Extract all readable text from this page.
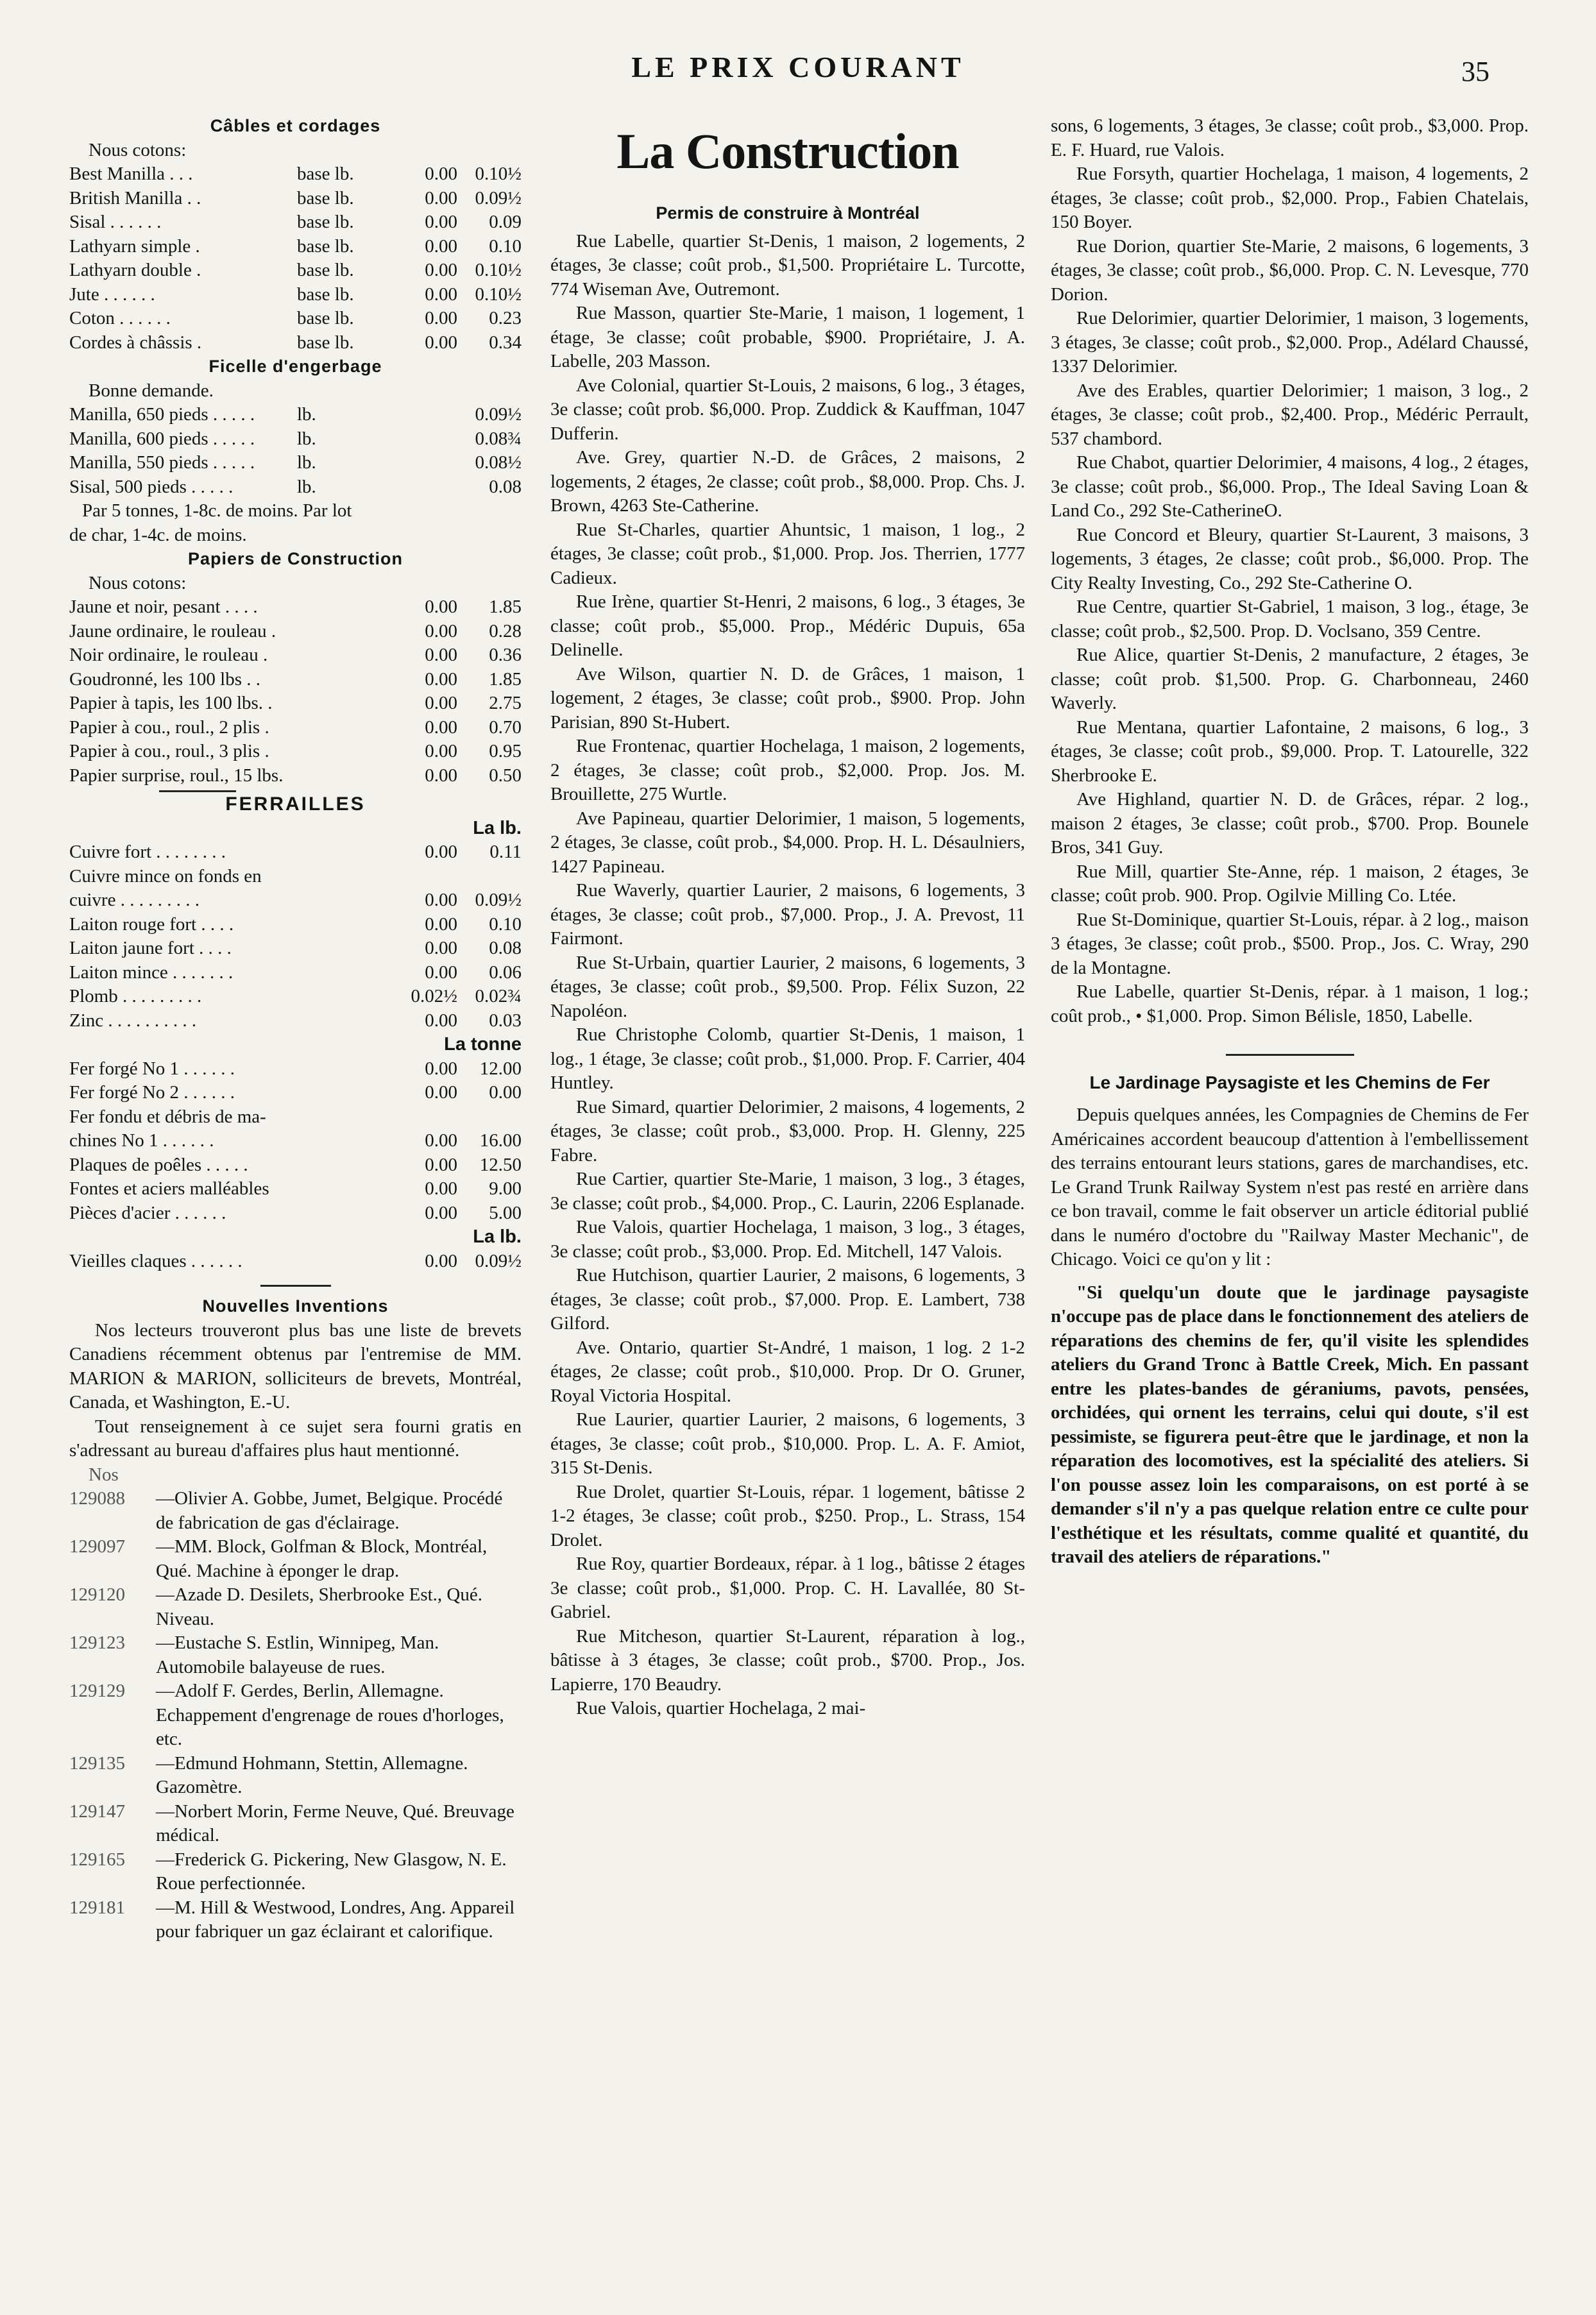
LE PRIX COURANT	35
Câbles et cordages
Nous cotons:
Best Manilla . . .	base lb.	0.00 0.10½
British Manilla . .	base lb.	0.00 0.09½
Sisal . . . . . .	base lb.	0.00	0.09
Lathyarn simple .	base lb.	0.00	0.10
Lathyarn double .	base lb.	0.00 0.10½
Jute . . . . . .	base lb.	0.00 0.10½
Coton . . . . . .	base lb.	0.00	0.23
Cordes à châssis .	base lb.	0.00	0.34
Ficelle d'engerbage
Bonne demande.
Manilla, 650 pieds . . . . .	lb.	0.09½
Manilla, 600 pieds . . . . .	lb.	0.08¾
Manilla, 550 pieds . . . . .	lb.	0.08½
Sisal, 500 pieds . . . . .	lb.	0.08
Par 5 tonnes, 1-8c. de moins. Par lot
de char, 1-4c. de moins.
Papiers de Construction
Nous cotons:
Jaune et noir, pesant . . . .	0.00	1.85
Jaune ordinaire, le rouleau .	0.00	0.28
Noir ordinaire, le rouleau .	0.00	0.36
Goudronné, les 100 lbs . .	0.00	1.85
Papier à tapis, les 100 lbs. .	0.00	2.75
Papier à cou., roul., 2 plis .	0.00	0.70
Papier à cou., roul., 3 plis .	0.00	0.95
Papier surprise, roul., 15 lbs.	0.00	0.50
FERRAILLES
La lb.
Cuivre fort . . . . . . . .	0.00	0.11
Cuivre mince on fonds en
cuivre . . . . . . . . .	0.00 0.09½
Laiton rouge fort . . . .	0.00	0.10
Laiton jaune fort . . . .	0.00	0.08
Laiton mince . . . . . . .	0.00	0.06
Plomb . . . . . . . . .	0.02½ 0.02¾
Zinc . . . . . . . . . .	0.00	0.03
La tonne
Fer forgé No 1 . . . . . .	0.00	12.00
Fer forgé No 2 . . . . . .	0.00	0.00
Fer fondu et débris de ma-
chines No 1 . . . . . .	0.00	16.00
Plaques de poêles . . . . .	0.00	12.50
Fontes et aciers malléables	0.00	9.00
Pièces d'acier . . . . . .	0.00	5.00
La lb.
Vieilles claques . . . . . .	0.00 0.09½
Nouvelles Inventions
Nos lecteurs trouveront plus bas une liste de brevets Canadiens récemment obtenus par l'entremise de MM. MARION & MARION, solliciteurs de brevets, Montréal, Canada, et Washington, E.-U.
Tout renseignement à ce sujet sera fourni gratis en s'adressant au bureau d'affaires plus haut mentionné.
Nos
129088	—Olivier A. Gobbe, Jumet, Belgique. Procédé de fabrication de gas d'éclairage.
129097	—MM. Block, Golfman & Block, Montréal, Qué. Machine à éponger le drap.
129120	—Azade D. Desilets, Sherbrooke Est., Qué. Niveau.
129123	—Eustache S. Estlin, Winnipeg, Man. Automobile balayeuse de rues.
129129	—Adolf F. Gerdes, Berlin, Allemagne. Echappement d'engrenage de roues d'horloges, etc.
129135	—Edmund Hohmann, Stettin, Allemagne. Gazomètre.
129147	—Norbert Morin, Ferme Neuve, Qué. Breuvage médical.
129165	—Frederick G. Pickering, New Glasgow, N. E. Roue perfectionnée.
129181	—M. Hill & Westwood, Londres, Ang. Appareil pour fabriquer un gaz éclairant et calorifique.
La Construction
Permis de construire à Montréal
Rue Labelle, quartier St-Denis, 1 maison, 2 logements, 2 étages, 3e classe; coût prob., $1,500. Propriétaire L. Turcotte, 774 Wiseman Ave, Outremont.
Rue Masson, quartier Ste-Marie, 1 maison, 1 logement, 1 étage, 3e classe; coût probable, $900. Propriétaire, J. A. Labelle, 203 Masson.
Ave Colonial, quartier St-Louis, 2 maisons, 6 log., 3 étages, 3e classe; coût prob. $6,000. Prop. Zuddick & Kauffman, 1047 Dufferin.
Ave. Grey, quartier N.-D. de Grâces, 2 maisons, 2 logements, 2 étages, 2e classe; coût prob., $8,000. Prop. Chs. J. Brown, 4263 Ste-Catherine.
Rue St-Charles, quartier Ahuntsic, 1 maison, 1 log., 2 étages, 3e classe; coût prob., $1,000. Prop. Jos. Therrien, 1777 Cadieux.
Rue Irène, quartier St-Henri, 2 maisons, 6 log., 3 étages, 3e classe; coût prob., $5,000. Prop., Médéric Dupuis, 65a Delinelle.
Ave Wilson, quartier N. D. de Grâces, 1 maison, 1 logement, 2 étages, 3e classe; coût prob., $900. Prop. John Parisian, 890 St-Hubert.
Rue Frontenac, quartier Hochelaga, 1 maison, 2 logements, 2 étages, 3e classe; coût prob., $2,000. Prop. Jos. M. Brouillette, 275 Wurtle.
Ave Papineau, quartier Delorimier, 1 maison, 5 logements, 2 étages, 3e classe, coût prob., $4,000. Prop. H. L. Désaulniers, 1427 Papineau.
Rue Waverly, quartier Laurier, 2 maisons, 6 logements, 3 étages, 3e classe; coût prob., $7,000. Prop., J. A. Prevost, 11 Fairmont.
Rue St-Urbain, quartier Laurier, 2 maisons, 6 logements, 3 étages, 3e classe; coût prob., $9,500. Prop. Félix Suzon, 22 Napoléon.
Rue Christophe Colomb, quartier St-Denis, 1 maison, 1 log., 1 étage, 3e classe; coût prob., $1,000. Prop. F. Carrier, 404 Huntley.
Rue Simard, quartier Delorimier, 2 maisons, 4 logements, 2 étages, 3e classe; coût prob., $3,000. Prop. H. Glenny, 225 Fabre.
Rue Cartier, quartier Ste-Marie, 1 maison, 3 log., 3 étages, 3e classe; coût prob., $4,000. Prop., C. Laurin, 2206 Esplanade.
Rue Valois, quartier Hochelaga, 1 maison, 3 log., 3 étages, 3e classe; coût prob., $3,000. Prop. Ed. Mitchell, 147 Valois.
Rue Hutchison, quartier Laurier, 2 maisons, 6 logements, 3 étages, 3e classe; coût prob., $7,000. Prop. E. Lambert, 738 Gilford.
Ave. Ontario, quartier St-André, 1 maison, 1 log. 2 1-2 étages, 2e classe; coût prob., $10,000. Prop. Dr O. Gruner, Royal Victoria Hospital.
Rue Laurier, quartier Laurier, 2 maisons, 6 logements, 3 étages, 3e classe; coût prob., $10,000. Prop. L. A. F. Amiot, 315 St-Denis.
Rue Drolet, quartier St-Louis, répar. 1 logement, bâtisse 2 1-2 étages, 3e classe; coût prob., $250. Prop., L. Strass, 154 Drolet.
Rue Roy, quartier Bordeaux, répar. à 1 log., bâtisse 2 étages 3e classe; coût prob., $1,000. Prop. C. H. Lavallée, 80 St-Gabriel.
Rue Mitcheson, quartier St-Laurent, réparation à log., bâtisse à 3 étages, 3e classe; coût prob., $700. Prop., Jos. Lapierre, 170 Beaudry.
Rue Valois, quartier Hochelaga, 2 mai-
sons, 6 logements, 3 étages, 3e classe; coût prob., $3,000. Prop. E. F. Huard, rue Valois.
Rue Forsyth, quartier Hochelaga, 1 maison, 4 logements, 2 étages, 3e classe; coût prob., $2,000. Prop., Fabien Chatelais, 150 Boyer.
Rue Dorion, quartier Ste-Marie, 2 maisons, 6 logements, 3 étages, 3e classe; coût prob., $6,000. Prop. C. N. Levesque, 770 Dorion.
Rue Delorimier, quartier Delorimier, 1 maison, 3 logements, 3 étages, 3e classe; coût prob., $2,000. Prop., Adélard Chaussé, 1337 Delorimier.
Ave des Erables, quartier Delorimier; 1 maison, 3 log., 2 étages, 3e classe; coût prob., $2,400. Prop., Médéric Perrault, 537 chambord.
Rue Chabot, quartier Delorimier, 4 maisons, 4 log., 2 étages, 3e classe; coût prob., $6,000. Prop., The Ideal Saving Loan & Land Co., 292 Ste-CatherineO.
Rue Concord et Bleury, quartier St-Laurent, 3 maisons, 3 logements, 3 étages, 2e classe; coût prob., $6,000. Prop. The City Realty Investing, Co., 292 Ste-Catherine O.
Rue Centre, quartier St-Gabriel, 1 maison, 3 log., étage, 3e classe; coût prob., $2,500. Prop. D. Voclsano, 359 Centre.
Rue Alice, quartier St-Denis, 2 manufacture, 2 étages, 3e classe; coût prob. $1,500. Prop. G. Charbonneau, 2460 Waverly.
Rue Mentana, quartier Lafontaine, 2 maisons, 6 log., 3 étages, 3e classe; coût prob., $9,000. Prop. T. Latourelle, 322 Sherbrooke E.
Ave Highland, quartier N. D. de Grâces, répar. 2 log., maison 2 étages, 3e classe; coût prob., $700. Prop. Bounele Bros, 341 Guy.
Rue Mill, quartier Ste-Anne, rép. 1 maison, 2 étages, 3e classe; coût prob. 900. Prop. Ogilvie Milling Co. Ltée.
Rue St-Dominique, quartier St-Louis, répar. à 2 log., maison 3 étages, 3e classe; coût prob., $500. Prop., Jos. C. Wray, 290 de la Montagne.
Rue Labelle, quartier St-Denis, répar. à 1 maison, 1 log.; coût prob., • $1,000. Prop. Simon Bélisle, 1850, Labelle.
Le Jardinage Paysagiste et les Chemins de Fer
Depuis quelques années, les Compagnies de Chemins de Fer Américaines accordent beaucoup d'attention à l'embellissement des terrains entourant leurs stations, gares de marchandises, etc. Le Grand Trunk Railway System n'est pas resté en arrière dans ce bon travail, comme le fait observer un article éditorial publié dans le numéro d'octobre du "Railway Master Mechanic", de Chicago. Voici ce qu'on y lit :
"Si quelqu'un doute que le jardinage paysagiste n'occupe pas de place dans le fonctionnement des ateliers de réparations des chemins de fer, qu'il visite les splendides ateliers du Grand Tronc à Battle Creek, Mich. En passant entre les plates-bandes de géraniums, pavots, pensées, orchidées, qui ornent les terrains, celui qui doute, s'il est pessimiste, se figurera peut-être que le jardinage, et non la réparation des locomotives, est la spécialité des ateliers. Si l'on pousse assez loin les comparaisons, on est porté à se demander s'il n'y a pas quelque relation entre ce culte pour l'esthétique et les résultats, comme qualité et quantité, du travail des ateliers de réparations."
